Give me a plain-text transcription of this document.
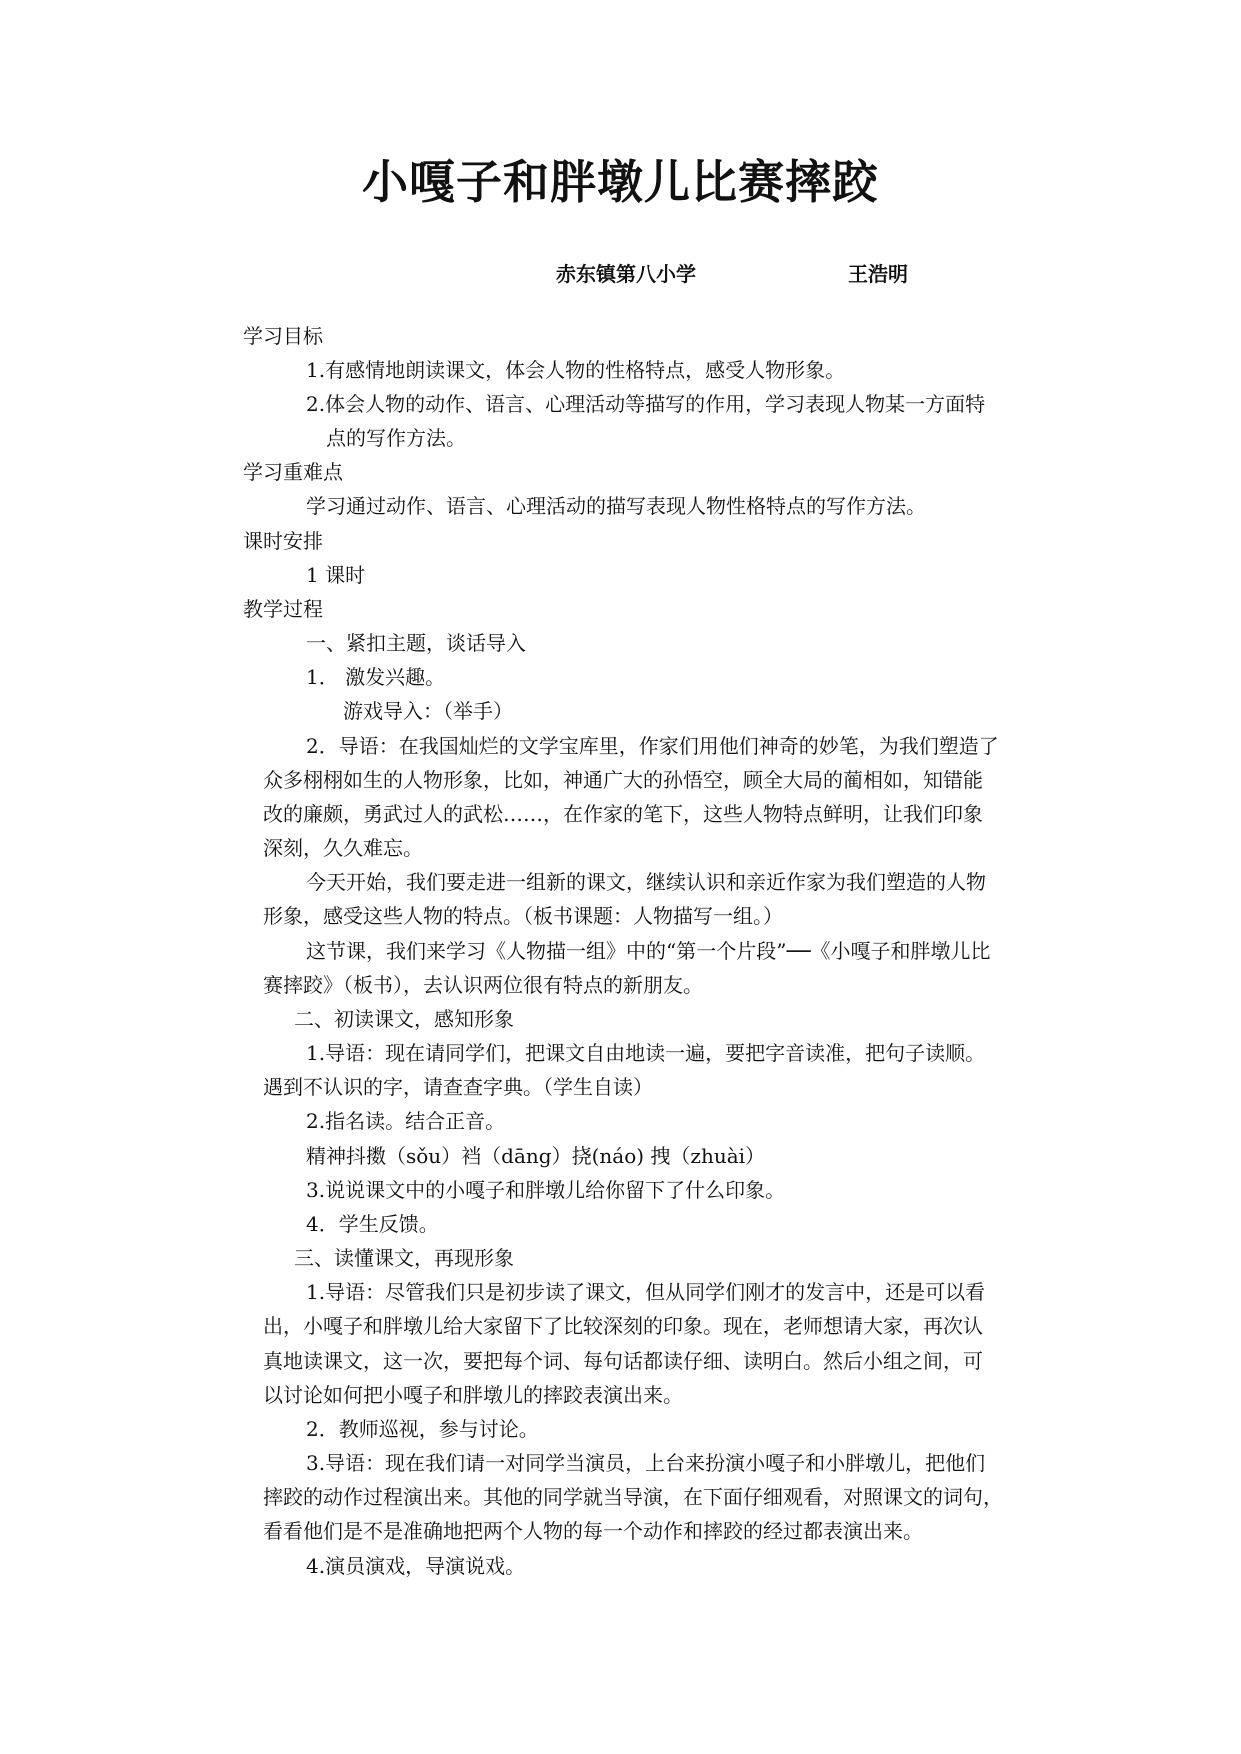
小嘎子和胖墩儿比赛摔跤
赤东镇第八小学	王浩明
学习目标
1.有感情地朗读课文，体会人物的性格特点，感受人物形象。
2.体会人物的动作、语言、心理活动等描写的作用，学习表现人物某一方面特
点的写作方法。
学习重难点
学习通过动作、语言、心理活动的描写表现人物性格特点的写作方法。
课时安排
1 课时
教学过程
一、紧扣主题，谈话导入
1． 激发兴趣。
游戏导入：（举手）
2．导语：在我国灿烂的文学宝库里，作家们用他们神奇的妙笔，为我们塑造了
众多栩栩如生的人物形象，比如，神通广大的孙悟空，顾全大局的蔺相如，知错能
改的廉颇，勇武过人的武松……，在作家的笔下，这些人物特点鲜明，让我们印象
深刻，久久难忘。
今天开始，我们要走进一组新的课文，继续认识和亲近作家为我们塑造的人物
形象，感受这些人物的特点。（板书课题：人物描写一组。）
这节课，我们来学习《人物描一组》中的“第一个片段”──《小嘎子和胖墩儿比
赛摔跤》（板书），去认识两位很有特点的新朋友。
二、初读课文，感知形象
1.导语：现在请同学们，把课文自由地读一遍，要把字音读准，把句子读顺。
遇到不认识的字，请查查字典。（学生自读）
2.指名读。结合正音。
精神抖擞（sǒu）裆（dāng）挠(náo) 拽（zhuài）
3.说说课文中的小嘎子和胖墩儿给你留下了什么印象。
4．学生反馈。
三、读懂课文，再现形象
1.导语：尽管我们只是初步读了课文，但从同学们刚才的发言中，还是可以看
出，小嘎子和胖墩儿给大家留下了比较深刻的印象。现在，老师想请大家，再次认
真地读课文，这一次，要把每个词、每句话都读仔细、读明白。然后小组之间，可
以讨论如何把小嘎子和胖墩儿的摔跤表演出来。
2．教师巡视，参与讨论。
3.导语：现在我们请一对同学当演员，上台来扮演小嘎子和小胖墩儿，把他们
摔跤的动作过程演出来。其他的同学就当导演，在下面仔细观看，对照课文的词句，
看看他们是不是准确地把两个人物的每一个动作和摔跤的经过都表演出来。
4.演员演戏，导演说戏。
